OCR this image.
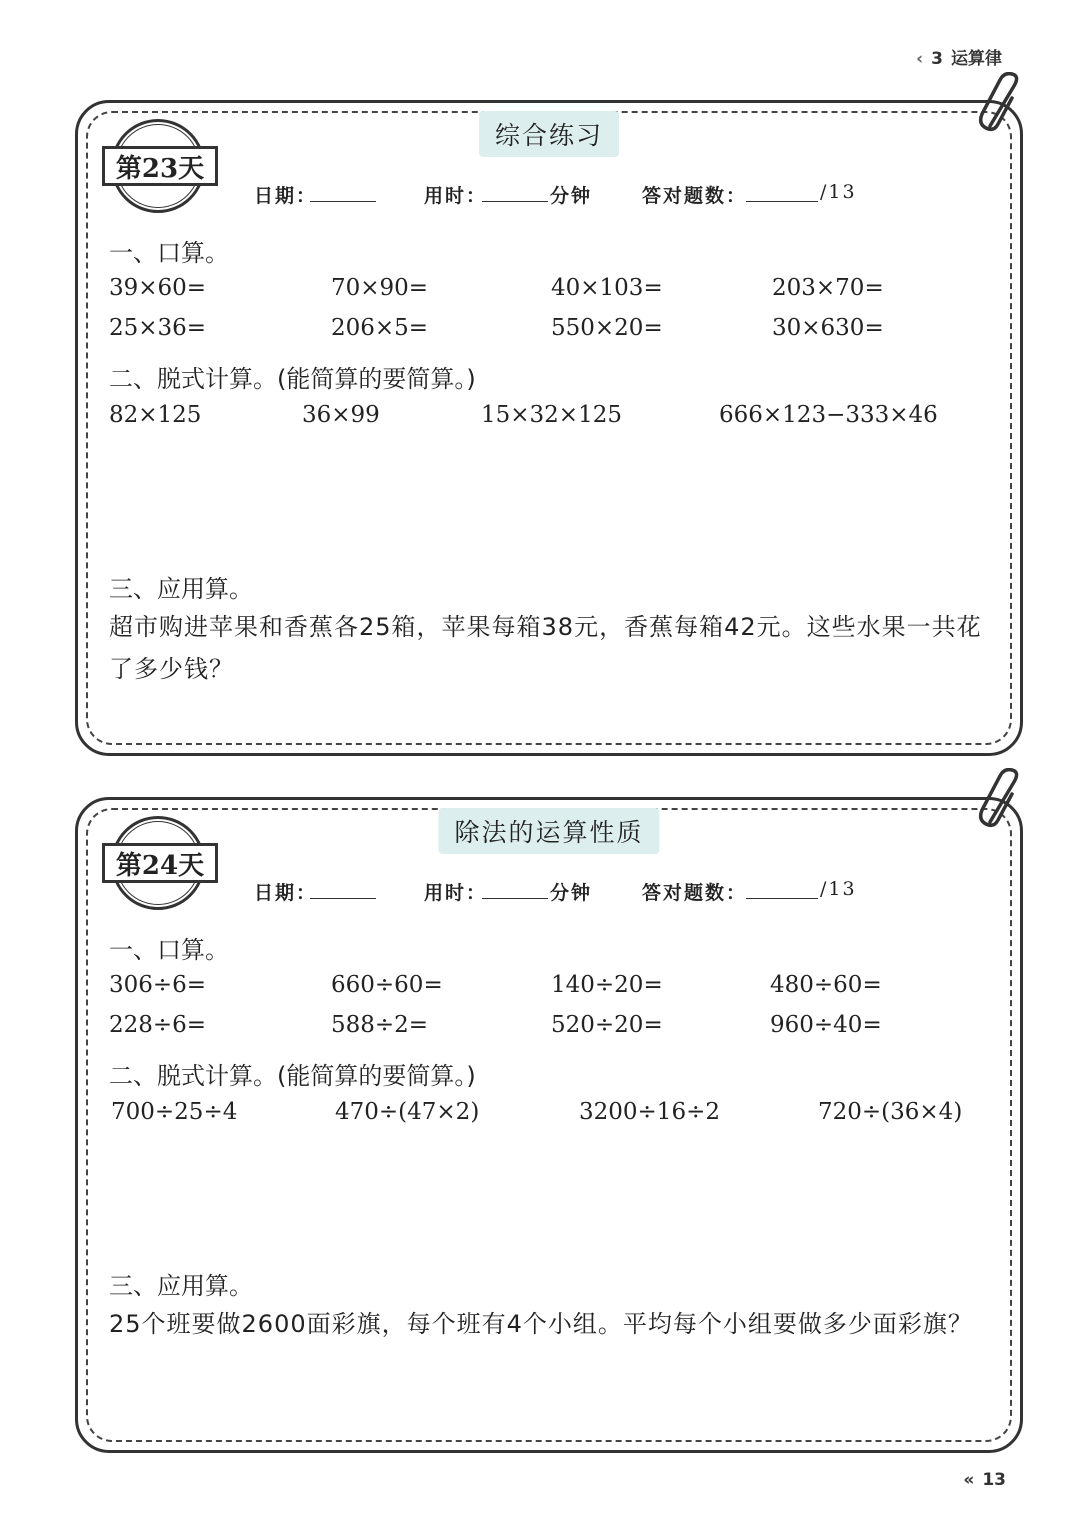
‹ 3 运算律
综合练习
第23天
日期：	用时：	分钟	答对题数：	/13
一、口算。
39×60=	70×90=	40×103=	203×70=
25×36=	206×5=	550×20=	30×630=
二、脱式计算。(能简算的要简算。)
82×125	36×99	15×32×125	666×123−333×46
三、应用算。
超市购进苹果和香蕉各25箱，苹果每箱38元，香蕉每箱42元。这些水果一共花了多少钱？
除法的运算性质
第24天
日期：	用时：	分钟	答对题数：	/13
一、口算。
306÷6=	660÷60=	140÷20=	480÷60=
228÷6=	588÷2=	520÷20=	960÷40=
二、脱式计算。(能简算的要简算。)
700÷25÷4	470÷(47×2)	3200÷16÷2	720÷(36×4)
三、应用算。
25个班要做2600面彩旗，每个班有4个小组。平均每个小组要做多少面彩旗？
« 13
